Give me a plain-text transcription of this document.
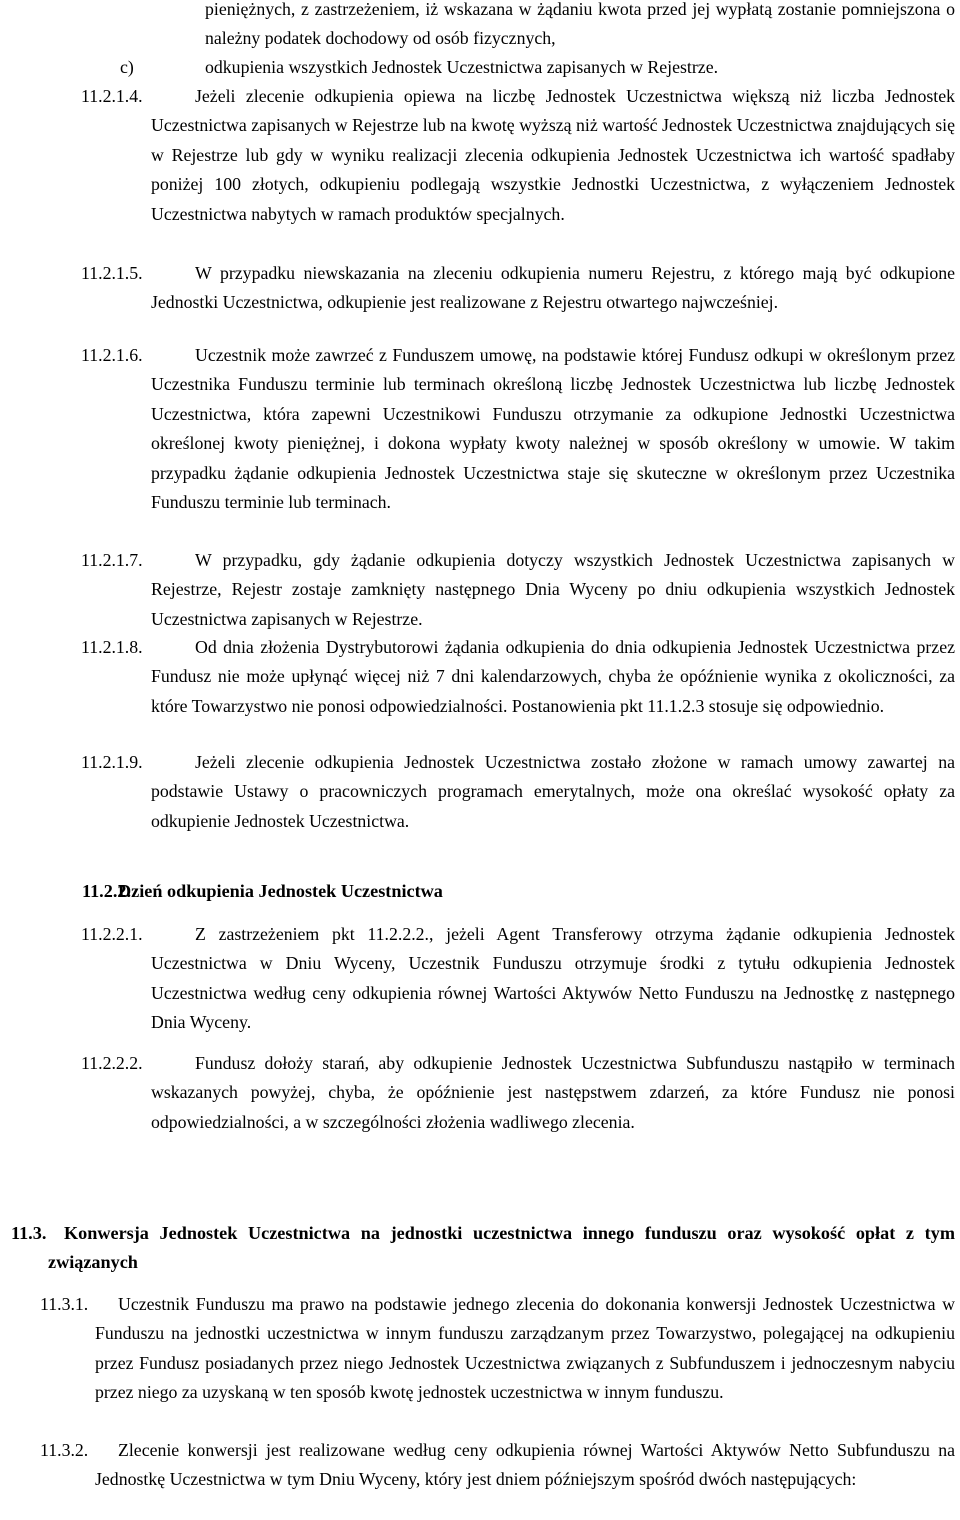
pieniężnych, z zastrzeżeniem, iż wskazana w żądaniu kwota przed jej wypłatą zostanie pomniejszona o należny podatek dochodowy od osób fizycznych,
c)	odkupienia wszystkich Jednostek Uczestnictwa zapisanych w Rejestrze.
11.2.1.4.	Jeżeli zlecenie odkupienia opiewa na liczbę Jednostek Uczestnictwa większą niż liczba Jednostek Uczestnictwa zapisanych w Rejestrze lub na kwotę wyższą niż wartość Jednostek Uczestnictwa znajdujących się w Rejestrze lub gdy w wyniku realizacji zlecenia odkupienia Jednostek Uczestnictwa ich wartość spadłaby poniżej 100 złotych, odkupieniu podlegają wszystkie Jednostki Uczestnictwa, z wyłączeniem Jednostek Uczestnictwa nabytych w ramach produktów specjalnych.
11.2.1.5.	W przypadku niewskazania na zleceniu odkupienia numeru Rejestru, z którego mają być odkupione Jednostki Uczestnictwa, odkupienie jest realizowane z Rejestru otwartego najwcześniej.
11.2.1.6.	Uczestnik może zawrzeć z Funduszem umowę, na podstawie której Fundusz odkupi w określonym przez Uczestnika Funduszu terminie lub terminach określoną liczbę Jednostek Uczestnictwa lub liczbę Jednostek Uczestnictwa, która zapewni Uczestnikowi Funduszu otrzymanie za odkupione Jednostki Uczestnictwa określonej kwoty pieniężnej, i dokona wypłaty kwoty należnej w sposób określony w umowie. W takim przypadku żądanie odkupienia Jednostek Uczestnictwa staje się skuteczne w określonym przez Uczestnika Funduszu terminie lub terminach.
11.2.1.7.	W przypadku, gdy żądanie odkupienia dotyczy wszystkich Jednostek Uczestnictwa zapisanych w Rejestrze, Rejestr zostaje zamknięty następnego Dnia Wyceny po dniu odkupienia wszystkich Jednostek Uczestnictwa zapisanych w Rejestrze.
11.2.1.8.	Od dnia złożenia Dystrybutorowi żądania odkupienia do dnia odkupienia Jednostek Uczestnictwa przez Fundusz nie może upłynąć więcej niż 7 dni kalendarzowych, chyba że opóźnienie wynika z okoliczności, za które Towarzystwo nie ponosi odpowiedzialności. Postanowienia pkt 11.1.2.3 stosuje się odpowiednio.
11.2.1.9.	Jeżeli zlecenie odkupienia Jednostek Uczestnictwa zostało złożone w ramach umowy zawartej na podstawie Ustawy o pracowniczych programach emerytalnych, może ona określać wysokość opłaty za odkupienie Jednostek Uczestnictwa.
11.2.2.
Dzień odkupienia Jednostek Uczestnictwa
11.2.2.1.	Z zastrzeżeniem pkt 11.2.2.2., jeżeli Agent Transferowy otrzyma żądanie odkupienia Jednostek Uczestnictwa w Dniu Wyceny, Uczestnik Funduszu otrzymuje środki z tytułu odkupienia Jednostek Uczestnictwa według ceny odkupienia równej Wartości Aktywów Netto Funduszu na Jednostkę z następnego Dnia Wyceny.
11.2.2.2.	Fundusz dołoży starań, aby odkupienie Jednostek Uczestnictwa Subfunduszu nastąpiło w terminach wskazanych powyżej, chyba, że opóźnienie jest następstwem zdarzeń, za które Fundusz nie ponosi odpowiedzialności, a w szczególności złożenia wadliwego zlecenia.
11.3. Konwersja Jednostek Uczestnictwa na jednostki uczestnictwa innego funduszu oraz wysokość opłat z tym związanych
11.3.1. Uczestnik Funduszu ma prawo na podstawie jednego zlecenia do dokonania konwersji Jednostek Uczestnictwa w Funduszu na jednostki uczestnictwa w innym funduszu zarządzanym przez Towarzystwo, polegającej na odkupieniu przez Fundusz posiadanych przez niego Jednostek Uczestnictwa związanych z Subfunduszem i jednoczesnym nabyciu przez niego za uzyskaną w ten sposób kwotę jednostek uczestnictwa w innym funduszu.
11.3.2. Zlecenie konwersji jest realizowane według ceny odkupienia równej Wartości Aktywów Netto Subfunduszu na Jednostkę Uczestnictwa w tym Dniu Wyceny, który jest dniem późniejszym spośród dwóch następujących:
